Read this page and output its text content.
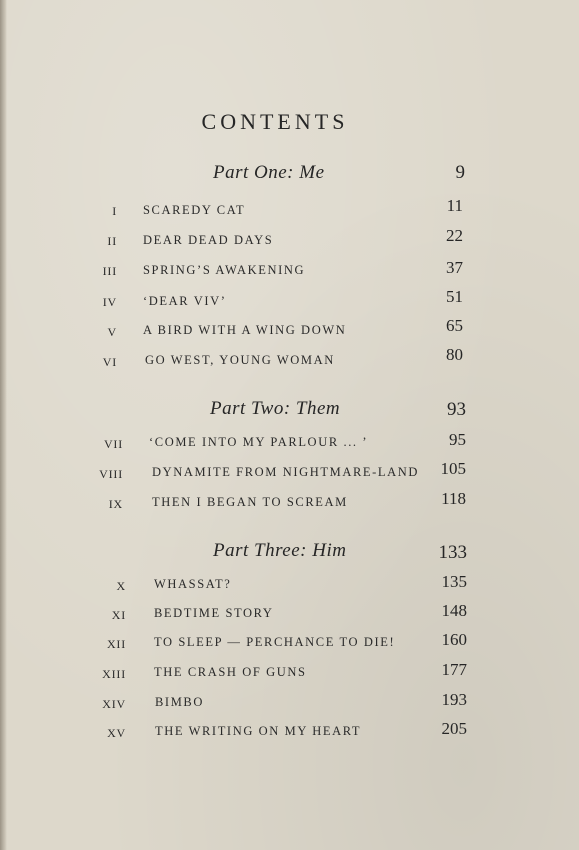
CONTENTS
Part One: Me	9
I SCAREDY CAT	11
II DEAR DEAD DAYS	22
III SPRING’S AWAKENING	37
IV ‘DEAR VIV’	51
V A BIRD WITH A WING DOWN	65
VI GO WEST, YOUNG WOMAN	80
Part Two: Them	93
VII ‘COME INTO MY PARLOUR ... ’	95
VIII DYNAMITE FROM NIGHTMARE-LAND	105
IX THEN I BEGAN TO SCREAM	118
Part Three: Him	133
X WHASSAT?	135
XI BEDTIME STORY	148
XII TO SLEEP — PERCHANCE TO DIE!	160
XIII THE CRASH OF GUNS	177
XIV BIMBO	193
XV THE WRITING ON MY HEART	205
